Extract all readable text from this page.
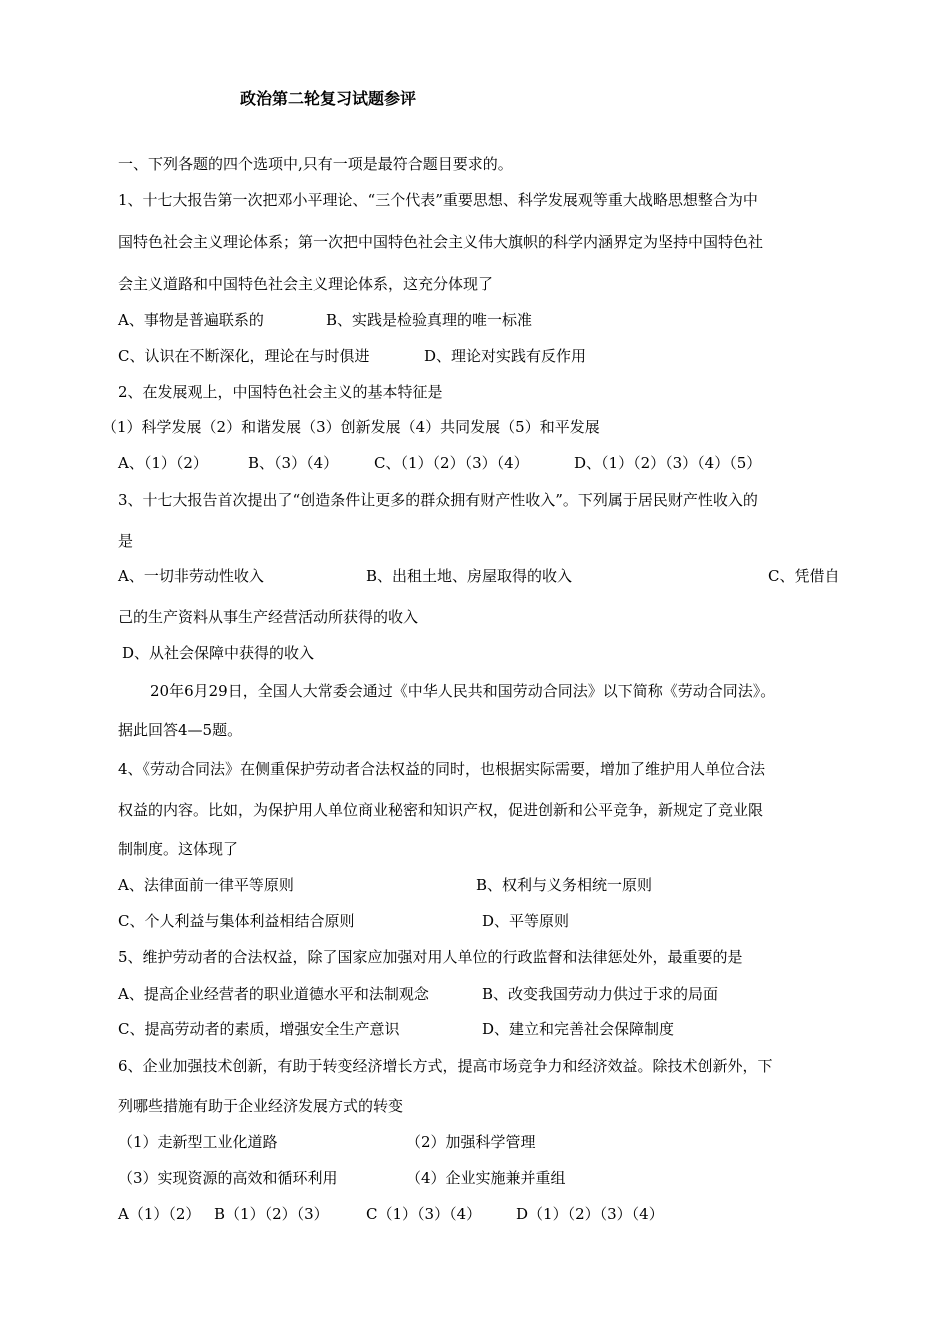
政治第二轮复习试题参评
一、下列各题的四个选项中,只有一项是最符合题目要求的。
1、十七大报告第一次把邓小平理论、“三个代表”重要思想、科学发展观等重大战略思想整合为中
国特色社会主义理论体系；第一次把中国特色社会主义伟大旗帜的科学内涵界定为坚持中国特色社
会主义道路和中国特色社会主义理论体系，这充分体现了
A、事物是普遍联系的	B、实践是检验真理的唯一标准
C、认识在不断深化，理论在与时俱进	D、理论对实践有反作用
2、在发展观上，中国特色社会主义的基本特征是
（1）科学发展（2）和谐发展（3）创新发展（4）共同发展（5）和平发展
A、（1）（2）	B、（3）（4） C、（1）（2）（3）（4）	D、（1）（2）（3）（4）（5）
3、十七大报告首次提出了“创造条件让更多的群众拥有财产性收入”。下列属于居民财产性收入的
是
A、一切非劳动性收入	B、出租土地、房屋取得的收入	C、凭借自
己的生产资料从事生产经营活动所获得的收入
D、从社会保障中获得的收入
20年6月29日，全国人大常委会通过《中华人民共和国劳动合同法》以下简称《劳动合同法》。
据此回答4—5题。
4、《劳动合同法》在侧重保护劳动者合法权益的同时，也根据实际需要，增加了维护用人单位合法
权益的内容。比如，为保护用人单位商业秘密和知识产权，促进创新和公平竞争，新规定了竞业限
制制度。这体现了
A、法律面前一律平等原则	B、权利与义务相统一原则
C、个人利益与集体利益相结合原则	D、平等原则
5、维护劳动者的合法权益，除了国家应加强对用人单位的行政监督和法律惩处外，最重要的是
A、提高企业经营者的职业道德水平和法制观念	B、改变我国劳动力供过于求的局面
C、提高劳动者的素质，增强安全生产意识	D、建立和完善社会保障制度
6、企业加强技术创新，有助于转变经济增长方式，提高市场竞争力和经济效益。除技术创新外，下
列哪些措施有助于企业经济发展方式的转变
（1）走新型工业化道路	（2）加强科学管理
（3）实现资源的高效和循环利用	（4）企业实施兼并重组
A（1）（2） B（1）（2）（3） C（1）（3）（4） D（1）（2）（3）（4）
